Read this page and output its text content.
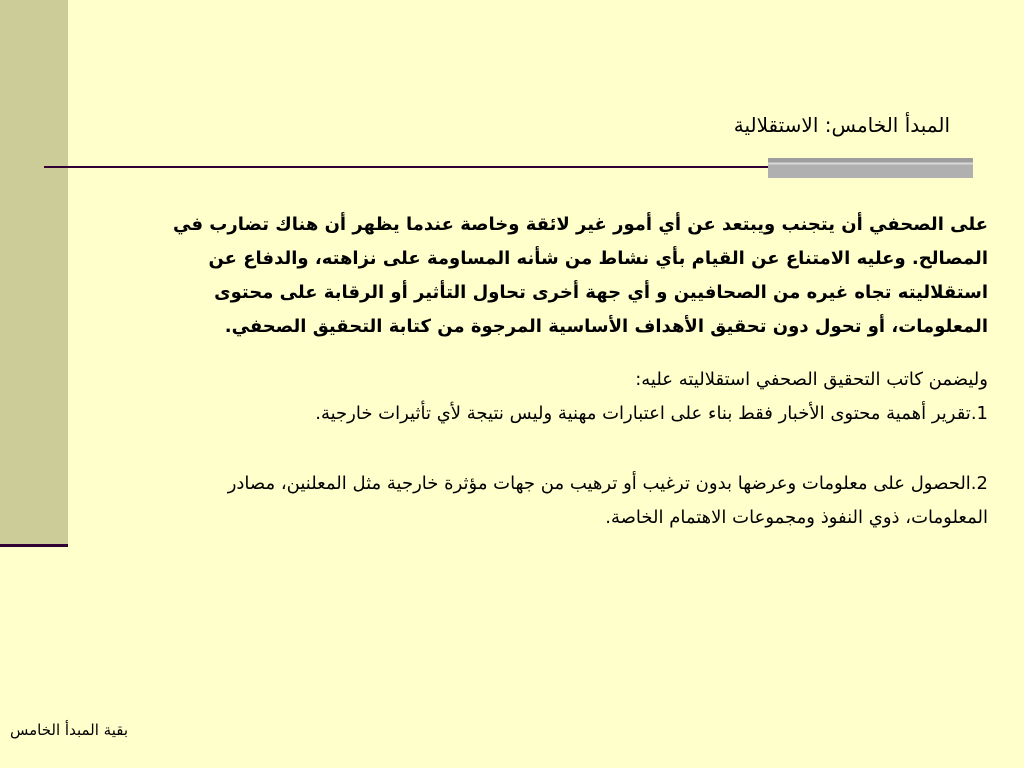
المبدأ الخامس: الاستقلالية

على الصحفي أن يتجنب ويبتعد عن أي أمور غير لائقة وخاصة عندما يظهر أن هناك تضارب في المصالح. وعليه الامتناع عن القيام بأي نشاط من شأنه المساومة على نزاهته، والدفاع عن استقلاليته تجاه غيره من الصحافيين و أي جهة أخرى تحاول التأثير أو الرقابة على محتوى المعلومات، أو تحول دون تحقيق الأهداف الأساسية المرجوة من كتابة التحقيق الصحفي.

وليضمن كاتب التحقيق الصحفي استقلاليته عليه:

1.تقرير أهمية محتوى الأخبار فقط بناء على اعتبارات مهنية وليس نتيجة لأي تأثيرات خارجية.

2.الحصول على معلومات وعرضها بدون ترغيب أو ترهيب من جهات مؤثرة خارجية مثل المعلنين، مصادر المعلومات، ذوي النفوذ ومجموعات الاهتمام الخاصة.

بقية المبدأ الخامس
